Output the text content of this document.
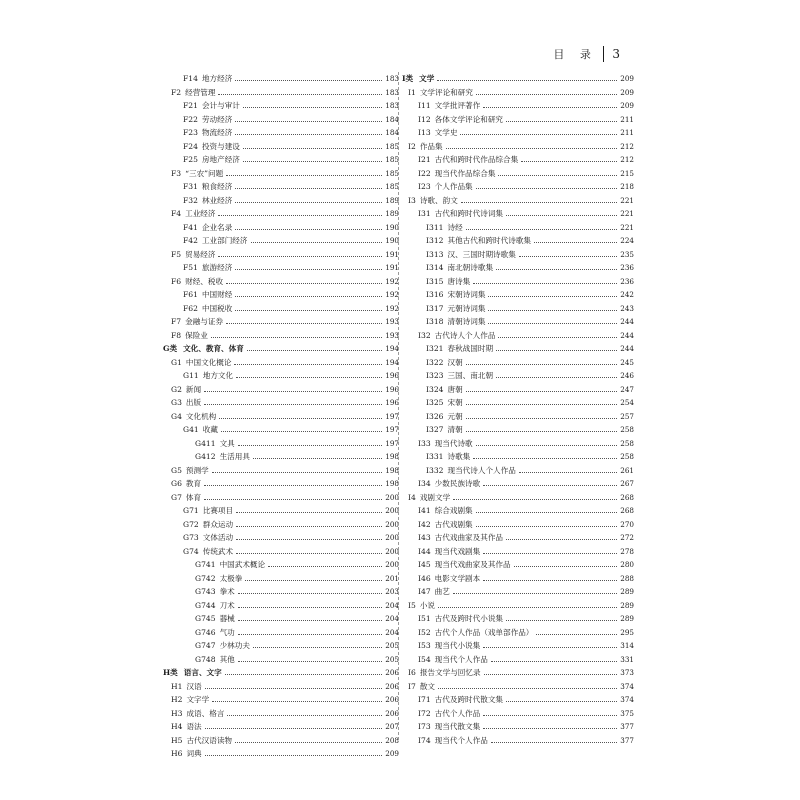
目 录 3
F14 地方经济	183
F2 经营管理	183
F21 会计与审计	183
F22 劳动经济	184
F23 物流经济	184
F24 投资与建设	185
F25 房地产经济	185
F3 “三农”问题	185
F31 粮食经济	185
F32 林业经济	189
F4 工业经济	189
F41 企业名录	190
F42 工业部门经济	190
F5 贸易经济	191
F51 旅游经济	191
F6 财经、税收	192
F61 中国财经	192
F62 中国税收	192
F7 金融与证券	193
F8 保险业	193
G类 文化、教育、体育	194
G1 中国文化概论	194
G11 地方文化	196
G2 新闻	196
G3 出版	196
G4 文化机构	197
G41 收藏	197
G411 文具	197
G412 生活用具	198
G5 预测学	198
G6 教育	198
G7 体育	200
G71 比赛项目	200
G72 群众运动	200
G73 文体活动	200
G74 传统武术	200
G741 中国武术概论	200
G742 太极拳	201
G743 拳术	203
G744 刀术	204
G745 器械	204
G746 气功	204
G747 少林功夫	205
G748 其他	205
H类 语言、文字	206
H1 汉语	206
H2 文字学	206
H3 成语、格言	206
H4 语法	207
H5 古代汉语读物	208
H6 词典	209
I类 文学	209
I1 文学评论和研究	209
I11 文学批评著作	209
I12 各体文学评论和研究	211
I13 文学史	211
I2 作品集	212
I21 古代和跨时代作品综合集	212
I22 现当代作品综合集	215
I23 个人作品集	218
I3 诗歌、韵文	221
I31 古代和跨时代诗词集	221
I311 诗经	221
I312 其他古代和跨时代诗歌集	224
I313 汉、三国时期诗歌集	235
I314 南北朝诗歌集	236
I315 唐诗集	236
I316 宋朝诗词集	242
I317 元朝诗词集	243
I318 清朝诗词集	244
I32 古代诗人个人作品	244
I321 春秋战国时期	244
I322 汉朝	245
I323 三国、南北朝	246
I324 唐朝	247
I325 宋朝	254
I326 元朝	257
I327 清朝	258
I33 现当代诗歌	258
I331 诗歌集	258
I332 现当代诗人个人作品	261
I34 少数民族诗歌	267
I4 戏剧文学	268
I41 综合戏剧集	268
I42 古代戏剧集	270
I43 古代戏曲家及其作品	272
I44 现当代戏剧集	278
I45 现当代戏曲家及其作品	280
I46 电影文学剧本	288
I47 曲艺	289
I5 小说	289
I51 古代及跨时代小说集	289
I52 古代个人作品（戏单部作品）	295
I53 现当代小说集	314
I54 现当代个人作品	331
I6 报告文学与回忆录	373
I7 散文	374
I71 古代及跨时代散文集	374
I72 古代个人作品	375
I73 现当代散文集	377
I74 现当代个人作品	377
